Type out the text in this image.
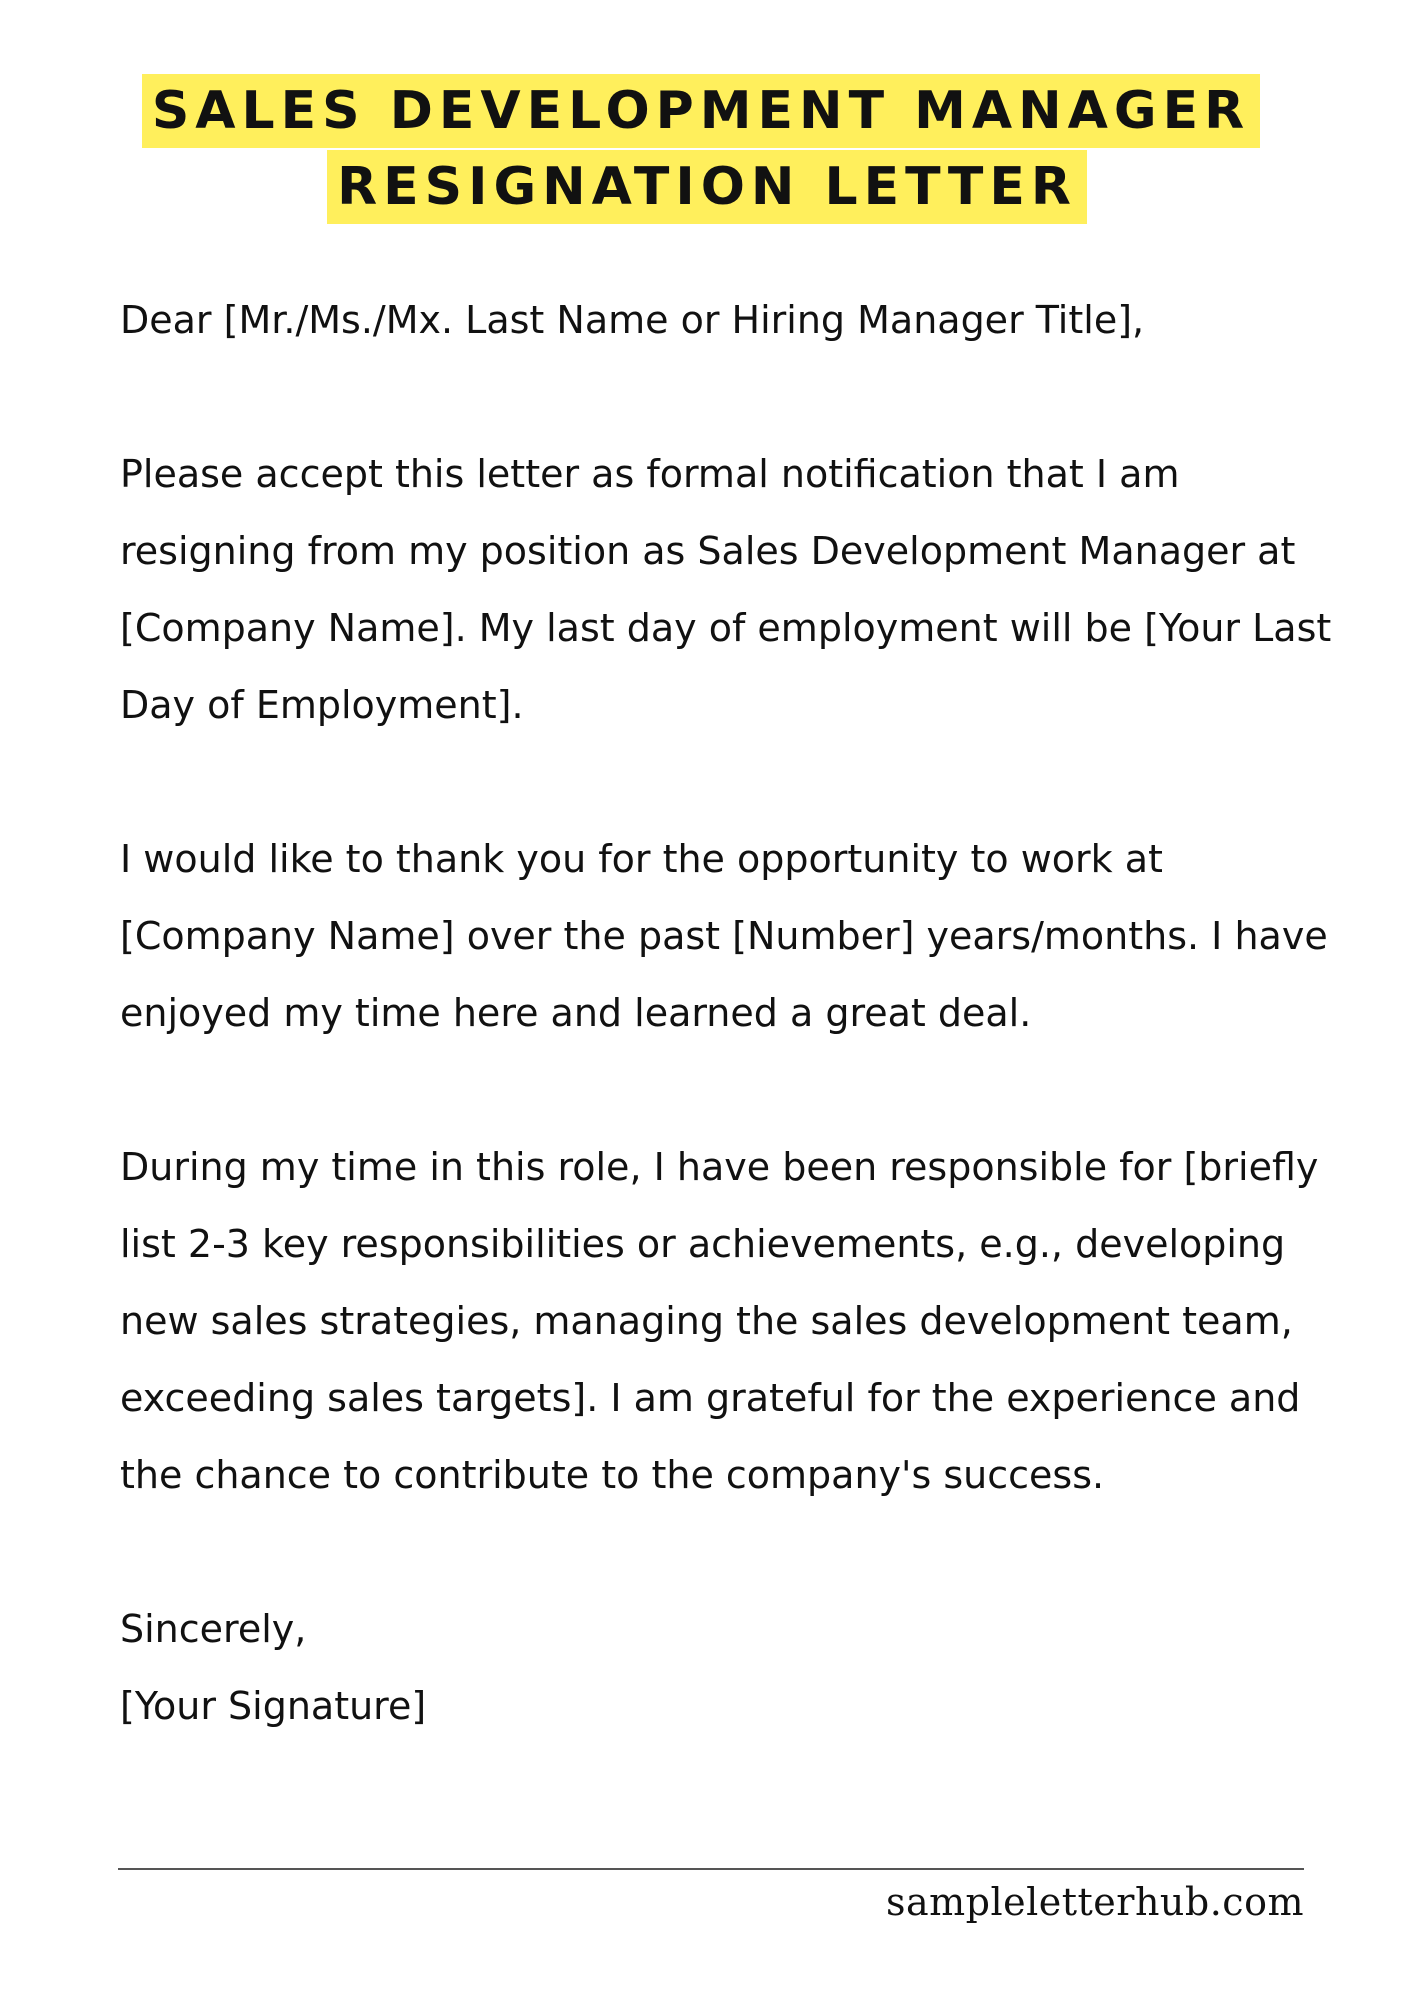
SALES DEVELOPMENT MANAGER
RESIGNATION LETTER

Dear [Mr./Ms./Mx. Last Name or Hiring Manager Title],

Please accept this letter as formal notification that I am resigning from my position as Sales Development Manager at [Company Name]. My last day of employment will be [Your Last Day of Employment].

I would like to thank you for the opportunity to work at [Company Name] over the past [Number] years/months. I have enjoyed my time here and learned a great deal.

During my time in this role, I have been responsible for [briefly list 2-3 key responsibilities or achievements, e.g., developing new sales strategies, managing the sales development team, exceeding sales targets]. I am grateful for the experience and the chance to contribute to the company's success.

Sincerely,
[Your Signature]
sampleletterhub.com
